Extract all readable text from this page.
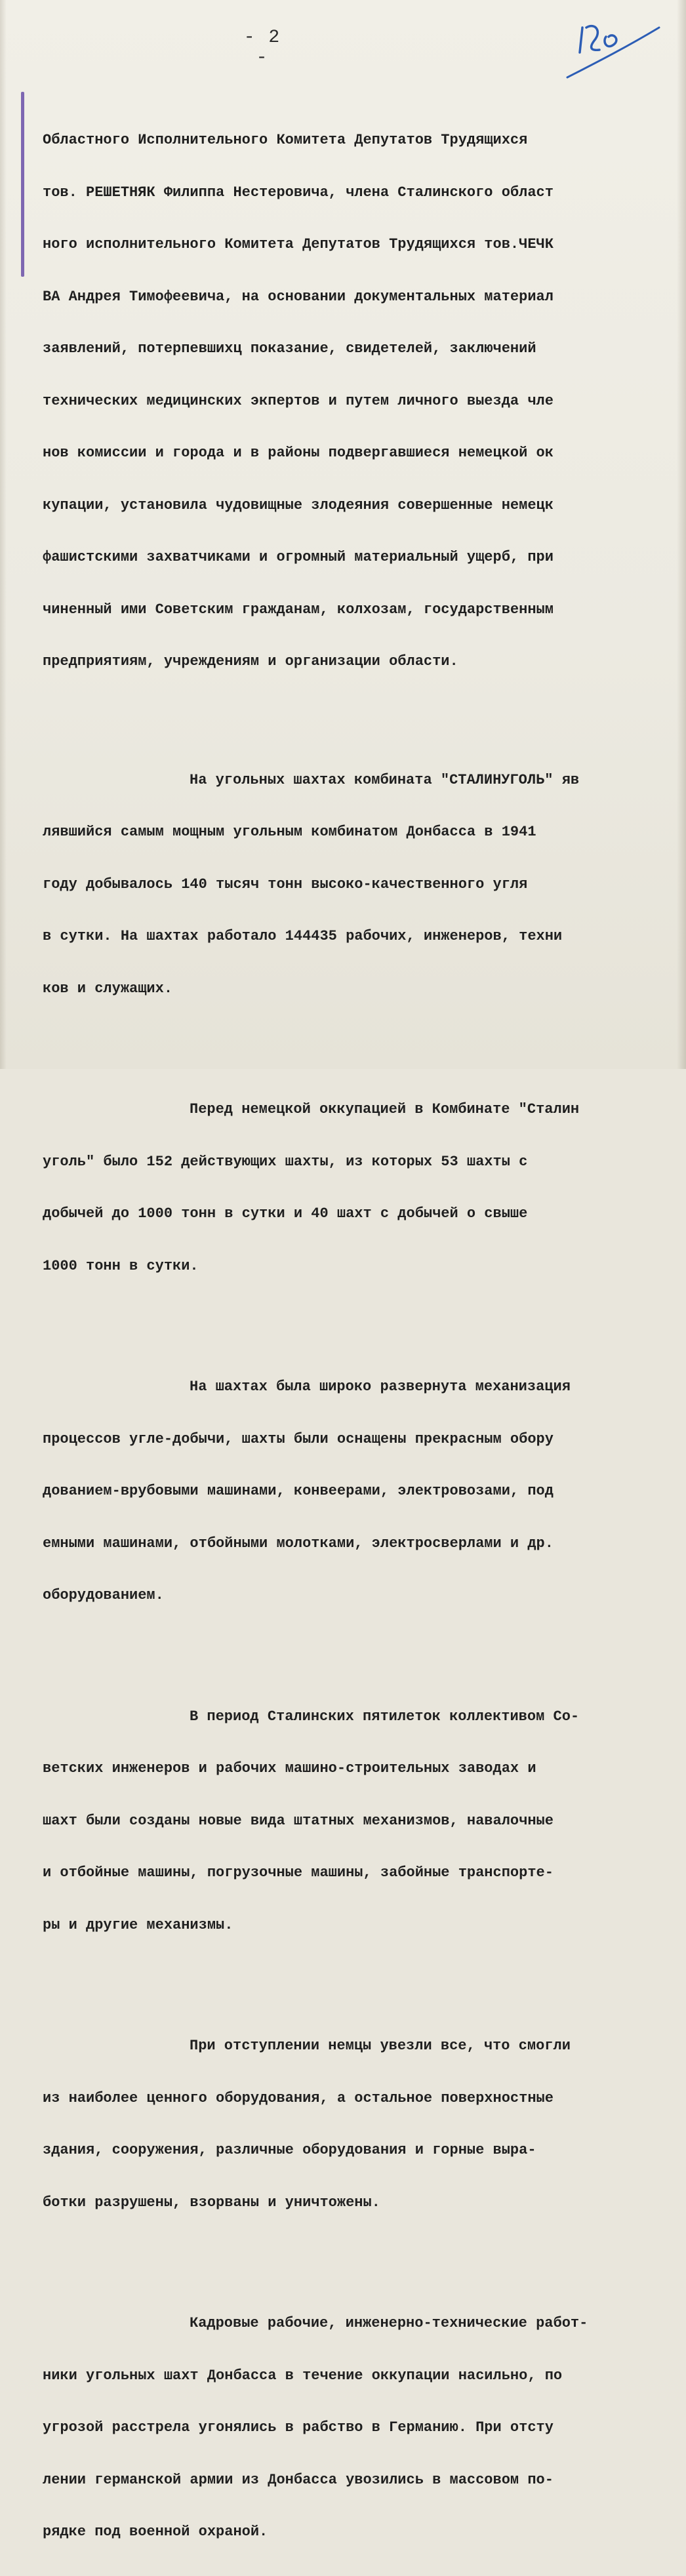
- 2 -
120

Областного Исполнительного Комитета Депутатов Трудящихся

тов. РЕШЕТНЯК Филиппа Нестеровича, члена Сталинского област

ного исполнительного Комитета Депутатов Трудящихся тов.ЧЕЧК

ВА Андрея Тимофеевича, на основании документальных материал

заявлений, потерпевшихц показание, свидетелей, заключений

технических медицинских экпертов и путем личного выезда чле

нов комиссии и города и в районы подвергавшиеся немецкой ок

купации, установила чудовищные злодеяния совершенные немецк

фашистскими захватчиками и огромный материальный ущерб, при

чиненный ими Советским гражданам, колхозам, государственным

предприятиям, учреждениям и организации области.

На угольных шахтах комбината "СТАЛИНУГОЛЬ" яв

лявшийся самым мощным угольным комбинатом Донбасса в 1941

году добывалось 140 тысяч тонн высоко-качественного угля

в сутки. На шахтах работало 144435 рабочих, инженеров, техни

ков и служащих.

Перед немецкой оккупацией в Комбинате "Сталин

уголь" было 152 действующих шахты, из которых 53 шахты с

добычей до 1000 тонн в сутки и 40 шахт с добычей о свыше

1000 тонн в сутки.

На шахтах была широко развернута механизация

процессов угле-добычи, шахты были оснащены прекрасным обору

дованием-врубовыми машинами, конвеерами, электровозами, под

емными машинами, отбойными молотками, электросверлами и др.

оборудованием.

В период Сталинских пятилеток коллективом Со-

ветских инженеров и рабочих машино-строительных заводах и

шахт были созданы новые вида штатных механизмов, навалочные

и отбойные машины, погрузочные машины, забойные транспорте-

ры и другие механизмы.

При отступлении немцы увезли все, что смогли

из наиболее ценного оборудования, а остальное поверхностные

здания, сооружения, различные оборудования и горные выра-

ботки разрушены, взорваны и уничтожены.

Кадровые рабочие, инженерно-технические работ-

ники угольных шахт Донбасса в течение оккупации насильно, по

угрозой расстрела угонялись в рабство в Германию. При отсту

лении германской армии из Донбасса увозились в массовом по-

рядке под военной охраной.
